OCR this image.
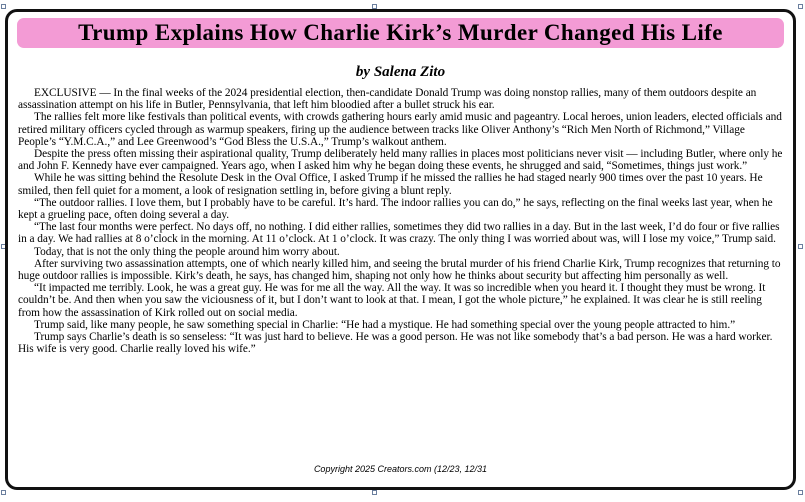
Trump Explains How Charlie Kirk’s Murder Changed His Life
by Salena Zito

EXCLUSIVE — In the final weeks of the 2024 presidential election, then-candidate Donald Trump was doing nonstop rallies, many of them outdoors despite an assassination attempt on his life in Butler, Pennsylvania, that left him bloodied after a bullet struck his ear.

The rallies felt more like festivals than political events, with crowds gathering hours early amid music and pageantry. Local heroes, union leaders, elected officials and retired military officers cycled through as warmup speakers, firing up the audience between tracks like Oliver Anthony’s “Rich Men North of Richmond,” Village People’s “Y.M.C.A.,” and Lee Greenwood’s “God Bless the U.S.A.,” Trump’s walkout anthem.

Despite the press often missing their aspirational quality, Trump deliberately held many rallies in places most politicians never visit — including Butler, where only he and John F. Kennedy have ever campaigned. Years ago, when I asked him why he began doing these events, he shrugged and said, “Sometimes, things just work.”

While he was sitting behind the Resolute Desk in the Oval Office, I asked Trump if he missed the rallies he had staged nearly 900 times over the past 10 years. He smiled, then fell quiet for a moment, a look of resignation settling in, before giving a blunt reply.

“The outdoor rallies. I love them, but I probably have to be careful. It’s hard. The indoor rallies you can do,” he says, reflecting on the final weeks last year, when he kept a grueling pace, often doing several a day.

“The last four months were perfect. No days off, no nothing. I did either rallies, sometimes they did two rallies in a day. But in the last week, I’d do four or five rallies in a day. We had rallies at 8 o’clock in the morning. At 11 o’clock. At 1 o’clock. It was crazy. The only thing I was worried about was, will I lose my voice,” Trump said.

Today, that is not the only thing the people around him worry about.

After surviving two assassination attempts, one of which nearly killed him, and seeing the brutal murder of his friend Charlie Kirk, Trump recognizes that returning to huge outdoor rallies is impossible. Kirk’s death, he says, has changed him, shaping not only how he thinks about security but affecting him personally as well.

“It impacted me terribly. Look, he was a great guy. He was for me all the way. All the way. It was so incredible when you heard it. I thought they must be wrong. It couldn’t be. And then when you saw the viciousness of it, but I don’t want to look at that. I mean, I got the whole picture,” he explained. It was clear he is still reeling from how the assassination of Kirk rolled out on social media.

Trump said, like many people, he saw something special in Charlie: “He had a mystique. He had something special over the young people attracted to him.”

Trump says Charlie’s death is so senseless: “It was just hard to believe. He was a good person. He was not like somebody that’s a bad person. He was a hard worker. His wife is very good. Charlie really loved his wife.”

Copyright 2025 Creators.com (12/23, 12/31
